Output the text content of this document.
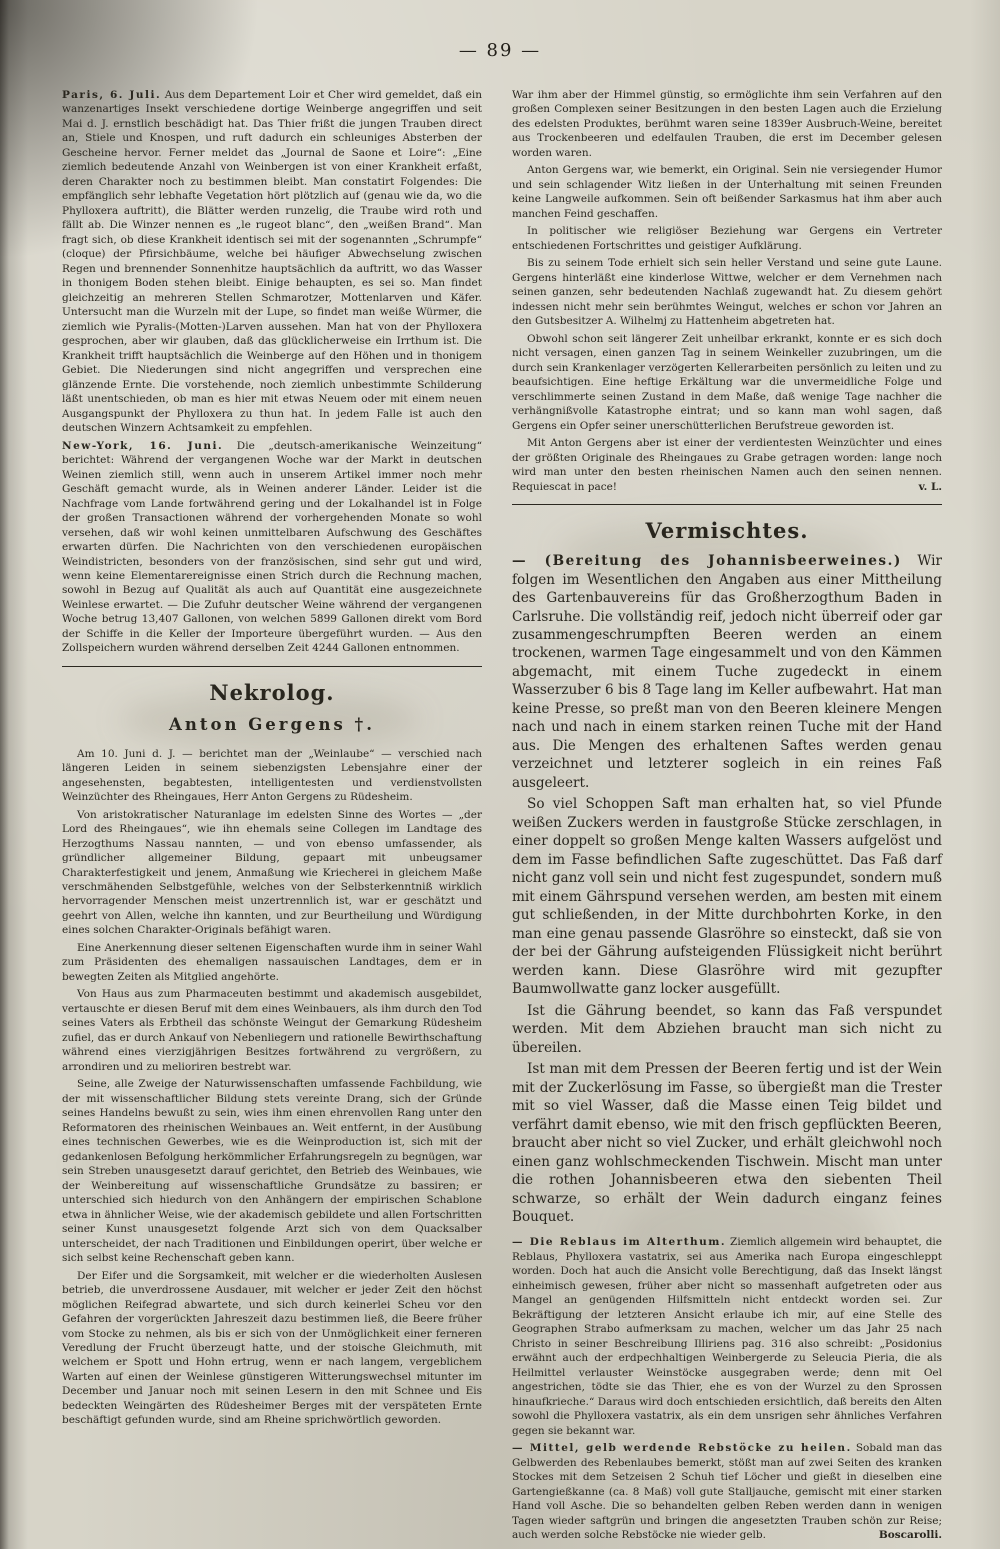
— 89 —

Paris, 6. Juli. Aus dem Departement Loir et Cher wird gemeldet, daß ein wanzenartiges Insekt verschiedene dortige Weinberge angegriffen und seit Mai d. J. ernstlich beschädigt hat. Das Thier frißt die jungen Trauben direct an, Stiele und Knospen, und ruft dadurch ein schleuniges Absterben der Gescheine hervor. Ferner meldet das „Journal de Saone et Loire“: „Eine ziemlich bedeutende Anzahl von Weinbergen ist von einer Krankheit erfaßt, deren Charakter noch zu bestimmen bleibt. Man constatirt Folgendes: Die empfänglich sehr lebhafte Vegetation hört plötzlich auf (genau wie da, wo die Phylloxera auftritt), die Blätter werden runzelig, die Traube wird roth und fällt ab. Die Winzer nennen es „le rugeot blanc“, den „weißen Brand“. Man fragt sich, ob diese Krankheit identisch sei mit der sogenannten „Schrumpfe“ (cloque) der Pfirsichbäume, welche bei häufiger Abwechselung zwischen Regen und brennender Sonnenhitze hauptsächlich da auftritt, wo das Wasser in thonigem Boden stehen bleibt. Einige behaupten, es sei so. Man findet gleichzeitig an mehreren Stellen Schmarotzer, Mottenlarven und Käfer. Untersucht man die Wurzeln mit der Lupe, so findet man weiße Würmer, die ziemlich wie Pyralis-(Motten-)Larven aussehen. Man hat von der Phylloxera gesprochen, aber wir glauben, daß das glücklicherweise ein Irrthum ist. Die Krankheit trifft hauptsächlich die Weinberge auf den Höhen und in thonigem Gebiet. Die Niederungen sind nicht angegriffen und versprechen eine glänzende Ernte. Die vorstehende, noch ziemlich unbestimmte Schilderung läßt unentschieden, ob man es hier mit etwas Neuem oder mit einem neuen Ausgangspunkt der Phylloxera zu thun hat. In jedem Falle ist auch den deutschen Winzern Achtsamkeit zu empfehlen.

New-York, 16. Juni. Die „deutsch-amerikanische Weinzeitung“ berichtet: Während der vergangenen Woche war der Markt in deutschen Weinen ziemlich still, wenn auch in unserem Artikel immer noch mehr Geschäft gemacht wurde, als in Weinen anderer Länder. Leider ist die Nachfrage vom Lande fortwährend gering und der Lokalhandel ist in Folge der großen Transactionen während der vorhergehenden Monate so wohl versehen, daß wir wohl keinen unmittelbaren Aufschwung des Geschäftes erwarten dürfen. Die Nachrichten von den verschiedenen europäischen Weindistricten, besonders von der französischen, sind sehr gut und wird, wenn keine Elementarereignisse einen Strich durch die Rechnung machen, sowohl in Bezug auf Qualität als auch auf Quantität eine ausgezeichnete Weinlese erwartet. — Die Zufuhr deutscher Weine während der vergangenen Woche betrug 13,407 Gallonen, von welchen 5899 Gallonen direkt vom Bord der Schiffe in die Keller der Importeure übergeführt wurden. — Aus den Zollspeichern wurden während derselben Zeit 4244 Gallonen entnommen.

Nekrolog.

Anton Gergens †.

Am 10. Juni d. J. — berichtet man der „Weinlaube“ — verschied nach längeren Leiden in seinem siebenzigsten Lebensjahre einer der angesehensten, begabtesten, intelligentesten und verdienstvollsten Weinzüchter des Rheingaues, Herr Anton Gergens zu Rüdesheim.

Von aristokratischer Naturanlage im edelsten Sinne des Wortes — „der Lord des Rheingaues“, wie ihn ehemals seine Collegen im Landtage des Herzogthums Nassau nannten, — und von ebenso umfassender, als gründlicher allgemeiner Bildung, gepaart mit unbeugsamer Charakterfestigkeit und jenem, Anmaßung wie Kriecherei in gleichem Maße verschmähenden Selbstgefühle, welches von der Selbsterkenntniß wirklich hervorragender Menschen meist unzertrennlich ist, war er geschätzt und geehrt von Allen, welche ihn kannten, und zur Beurtheilung und Würdigung eines solchen Charakter-Originals befähigt waren.

Eine Anerkennung dieser seltenen Eigenschaften wurde ihm in seiner Wahl zum Präsidenten des ehemaligen nassauischen Landtages, dem er in bewegten Zeiten als Mitglied angehörte.

Von Haus aus zum Pharmaceuten bestimmt und akademisch ausgebildet, vertauschte er diesen Beruf mit dem eines Weinbauers, als ihm durch den Tod seines Vaters als Erbtheil das schönste Weingut der Gemarkung Rüdesheim zufiel, das er durch Ankauf von Nebenliegern und rationelle Bewirthschaftung während eines vierzigjährigen Besitzes fortwährend zu vergrößern, zu arrondiren und zu melioriren bestrebt war.

Seine, alle Zweige der Naturwissenschaften umfassende Fachbildung, wie der mit wissenschaftlicher Bildung stets vereinte Drang, sich der Gründe seines Handelns bewußt zu sein, wies ihm einen ehrenvollen Rang unter den Reformatoren des rheinischen Weinbaues an. Weit entfernt, in der Ausübung eines technischen Gewerbes, wie es die Weinproduction ist, sich mit der gedankenlosen Befolgung herkömmlicher Erfahrungsregeln zu begnügen, war sein Streben unausgesetzt darauf gerichtet, den Betrieb des Weinbaues, wie der Weinbereitung auf wissenschaftliche Grundsätze zu bassiren; er unterschied sich hiedurch von den Anhängern der empirischen Schablone etwa in ähnlicher Weise, wie der akademisch gebildete und allen Fortschritten seiner Kunst unausgesetzt folgende Arzt sich von dem Quacksalber unterscheidet, der nach Traditionen und Einbildungen operirt, über welche er sich selbst keine Rechenschaft geben kann.

Der Eifer und die Sorgsamkeit, mit welcher er die wiederholten Auslesen betrieb, die unverdrossene Ausdauer, mit welcher er jeder Zeit den höchst möglichen Reifegrad abwartete, und sich durch keinerlei Scheu vor den Gefahren der vorgerückten Jahreszeit dazu bestimmen ließ, die Beere früher vom Stocke zu nehmen, als bis er sich von der Unmöglichkeit einer ferneren Veredlung der Frucht überzeugt hatte, und der stoische Gleichmuth, mit welchem er Spott und Hohn ertrug, wenn er nach langem, vergeblichem Warten auf einen der Weinlese günstigeren Witterungswechsel mitunter im December und Januar noch mit seinen Lesern in den mit Schnee und Eis bedeckten Weingärten des Rüdesheimer Berges mit der verspäteten Ernte beschäftigt gefunden wurde, sind am Rheine sprichwörtlich geworden.

War ihm aber der Himmel günstig, so ermöglichte ihm sein Verfahren auf den großen Complexen seiner Besitzungen in den besten Lagen auch die Erzielung des edelsten Produktes, berühmt waren seine 1839er Ausbruch-Weine, bereitet aus Trockenbeeren und edelfaulen Trauben, die erst im December gelesen worden waren.

Anton Gergens war, wie bemerkt, ein Original. Sein nie versiegender Humor und sein schlagender Witz ließen in der Unterhaltung mit seinen Freunden keine Langweile aufkommen. Sein oft beißender Sarkasmus hat ihm aber auch manchen Feind geschaffen.

In politischer wie religiöser Beziehung war Gergens ein Vertreter entschiedenen Fortschrittes und geistiger Aufklärung.

Bis zu seinem Tode erhielt sich sein heller Verstand und seine gute Laune. Gergens hinterläßt eine kinderlose Wittwe, welcher er dem Vernehmen nach seinen ganzen, sehr bedeutenden Nachlaß zugewandt hat. Zu diesem gehört indessen nicht mehr sein berühmtes Weingut, welches er schon vor Jahren an den Gutsbesitzer A. Wilhelmj zu Hattenheim abgetreten hat.

Obwohl schon seit längerer Zeit unheilbar erkrankt, konnte er es sich doch nicht versagen, einen ganzen Tag in seinem Weinkeller zuzubringen, um die durch sein Krankenlager verzögerten Kellerarbeiten persönlich zu leiten und zu beaufsichtigen. Eine heftige Erkältung war die unvermeidliche Folge und verschlimmerte seinen Zustand in dem Maße, daß wenige Tage nachher die verhängnißvolle Katastrophe eintrat; und so kann man wohl sagen, daß Gergens ein Opfer seiner unerschütterlichen Berufstreue geworden ist.

Mit Anton Gergens aber ist einer der verdientesten Weinzüchter und eines der größten Originale des Rheingaues zu Grabe getragen worden: lange noch wird man unter den besten rheinischen Namen auch den seinen nennen. Requiescat in pace!	v. L.

Vermischtes.

— (Bereitung des Johannisbeerweines.) Wir folgen im Wesentlichen den Angaben aus einer Mittheilung des Gartenbauvereins für das Großherzogthum Baden in Carlsruhe. Die vollständig reif, jedoch nicht überreif oder gar zusammengeschrumpften Beeren werden an einem trockenen, warmen Tage eingesammelt und von den Kämmen abgemacht, mit einem Tuche zugedeckt in einem Wasserzuber 6 bis 8 Tage lang im Keller aufbewahrt. Hat man keine Presse, so preßt man von den Beeren kleinere Mengen nach und nach in einem starken reinen Tuche mit der Hand aus. Die Mengen des erhaltenen Saftes werden genau verzeichnet und letzterer sogleich in ein reines Faß ausgeleert.

So viel Schoppen Saft man erhalten hat, so viel Pfunde weißen Zuckers werden in faustgroße Stücke zerschlagen, in einer doppelt so großen Menge kalten Wassers aufgelöst und dem im Fasse befindlichen Safte zugeschüttet. Das Faß darf nicht ganz voll sein und nicht fest zugespundet, sondern muß mit einem Gährspund versehen werden, am besten mit einem gut schließenden, in der Mitte durchbohrten Korke, in den man eine genau passende Glasröhre so einsteckt, daß sie von der bei der Gährung aufsteigenden Flüssigkeit nicht berührt werden kann. Diese Glasröhre wird mit gezupfter Baumwollwatte ganz locker ausgefüllt.

Ist die Gährung beendet, so kann das Faß verspundet werden. Mit dem Abziehen braucht man sich nicht zu übereilen.

Ist man mit dem Pressen der Beeren fertig und ist der Wein mit der Zuckerlösung im Fasse, so übergießt man die Trester mit so viel Wasser, daß die Masse einen Teig bildet und verfährt damit ebenso, wie mit den frisch gepflückten Beeren, braucht aber nicht so viel Zucker, und erhält gleichwohl noch einen ganz wohlschmeckenden Tischwein. Mischt man unter die rothen Johannisbeeren etwa den siebenten Theil schwarze, so erhält der Wein dadurch einganz feines Bouquet.

— Die Reblaus im Alterthum. Ziemlich allgemein wird behauptet, die Reblaus, Phylloxera vastatrix, sei aus Amerika nach Europa eingeschleppt worden. Doch hat auch die Ansicht volle Berechtigung, daß das Insekt längst einheimisch gewesen, früher aber nicht so massenhaft aufgetreten oder aus Mangel an genügenden Hilfsmitteln nicht entdeckt worden sei. Zur Bekräftigung der letzteren Ansicht erlaube ich mir, auf eine Stelle des Geographen Strabo aufmerksam zu machen, welcher um das Jahr 25 nach Christo in seiner Beschreibung Illiriens pag. 316 also schreibt: „Posidonius erwähnt auch der erdpechhaltigen Weinbergerde zu Seleucia Pieria, die als Heilmittel verlauster Weinstöcke ausgegraben werde; denn mit Oel angestrichen, tödte sie das Thier, ehe es von der Wurzel zu den Sprossen hinaufkrieche.“ Daraus wird doch entschieden ersichtlich, daß bereits den Alten sowohl die Phylloxera vastatrix, als ein dem unsrigen sehr ähnliches Verfahren gegen sie bekannt war.

— Mittel, gelb werdende Rebstöcke zu heilen. Sobald man das Gelbwerden des Rebenlaubes bemerkt, stößt man auf zwei Seiten des kranken Stockes mit dem Setzeisen 2 Schuh tief Löcher und gießt in dieselben eine Gartengießkanne (ca. 8 Maß) voll gute Stalljauche, gemischt mit einer starken Hand voll Asche. Die so behandelten gelben Reben werden dann in wenigen Tagen wieder saftgrün und bringen die angesetzten Trauben schön zur Reise; auch werden solche Rebstöcke nie wieder gelb.	Boscarolli.
